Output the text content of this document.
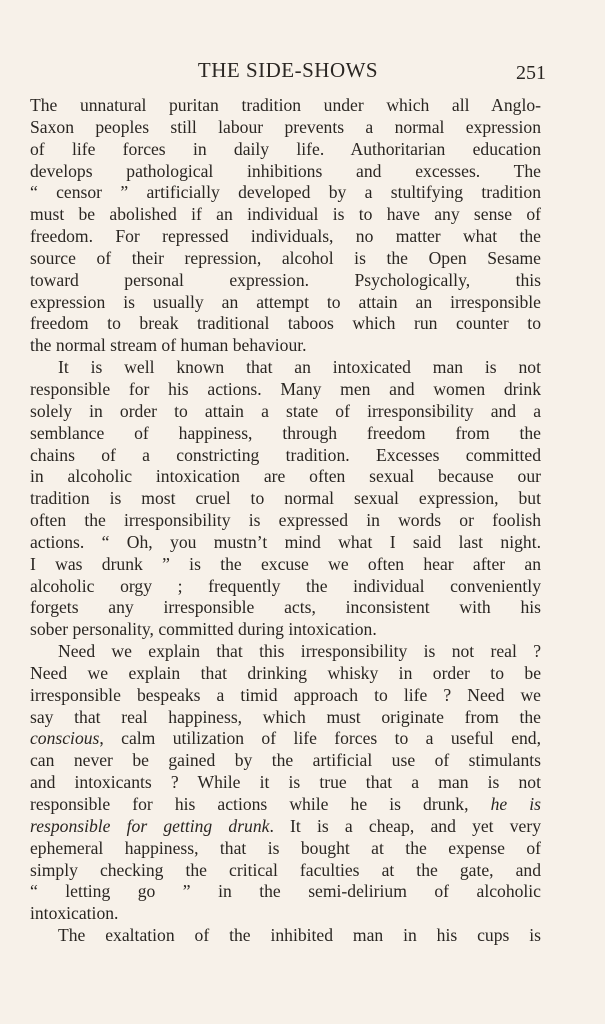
THE SIDE-SHOWS	251
The unnatural puritan tradition under which all Anglo-
Saxon peoples still labour prevents a normal expression
of life forces in daily life. Authoritarian education
develops pathological inhibitions and excesses. The
“ censor ” artificially developed by a stultifying tradition
must be abolished if an individual is to have any sense of
freedom. For repressed individuals, no matter what the
source of their repression, alcohol is the Open Sesame
toward personal expression. Psychologically, this
expression is usually an attempt to attain an irresponsible
freedom to break traditional taboos which run counter to
the normal stream of human behaviour.
It is well known that an intoxicated man is not
responsible for his actions. Many men and women drink
solely in order to attain a state of irresponsibility and a
semblance of happiness, through freedom from the
chains of a constricting tradition. Excesses committed
in alcoholic intoxication are often sexual because our
tradition is most cruel to normal sexual expression, but
often the irresponsibility is expressed in words or foolish
actions. “ Oh, you mustn’t mind what I said last night.
I was drunk ” is the excuse we often hear after an
alcoholic orgy ; frequently the individual conveniently
forgets any irresponsible acts, inconsistent with his
sober personality, committed during intoxication.
Need we explain that this irresponsibility is not real ?
Need we explain that drinking whisky in order to be
irresponsible bespeaks a timid approach to life ? Need we
say that real happiness, which must originate from the
conscious, calm utilization of life forces to a useful end,
can never be gained by the artificial use of stimulants
and intoxicants ? While it is true that a man is not
responsible for his actions while he is drunk, he is
responsible for getting drunk. It is a cheap, and yet very
ephemeral happiness, that is bought at the expense of
simply checking the critical faculties at the gate, and
“ letting go ” in the semi-delirium of alcoholic
intoxication.
The exaltation of the inhibited man in his cups is
